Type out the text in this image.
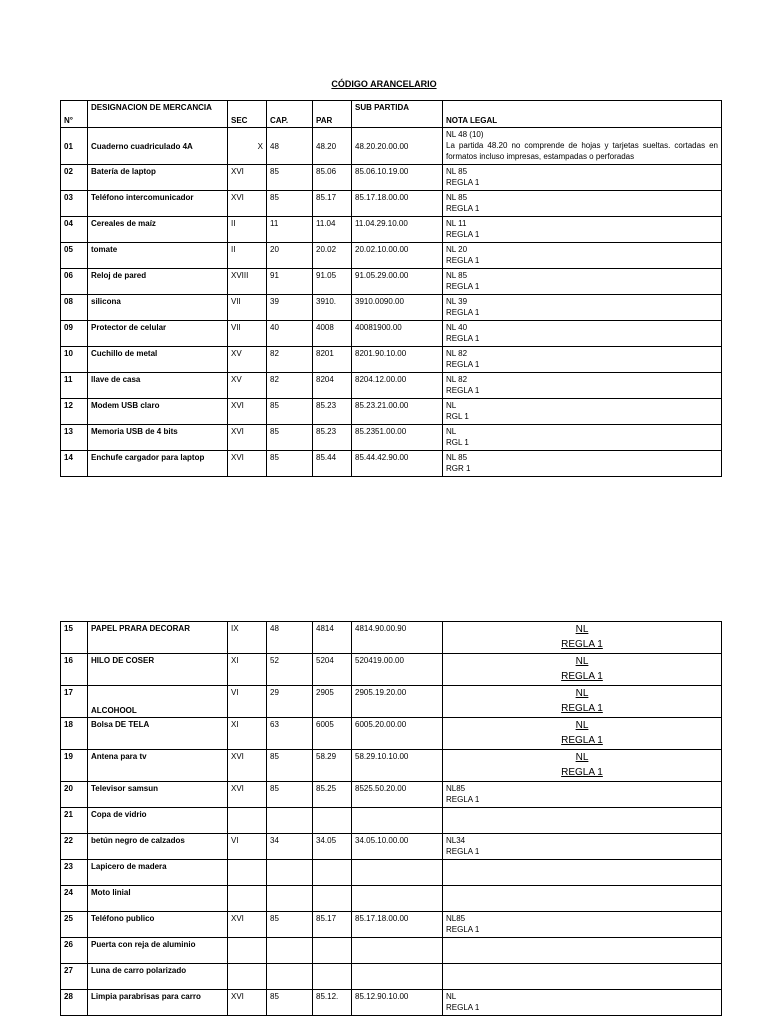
CÓDIGO ARANCELARIO
N°	DESIGNACION DE MERCANCIA	SEC	CAP.	PAR	SUB PARTIDA	NOTA LEGAL
01	Cuaderno cuadriculado 4A	X	48	48.20	48.20.20.00.00	NL 48 (10)
La partida 48.20 no comprende de hojas y tarjetas sueltas. cortadas en formatos incluso impresas, estampadas o perforadas

02	Batería de laptop	XVI	85	85.06	85.06.10.19.00	NL 85
REGLA 1

03	Teléfono intercomunicador	XVI	85	85.17	85.17.18.00.00	NL 85
REGLA 1

04	Cereales de maíz	II	11	11.04	11.04.29.10.00	NL 11
REGLA 1

05	tomate	II	20	20.02	20.02.10.00.00	NL 20
REGLA 1

06	Reloj de pared	XVIII	91	91.05	91.05.29.00.00	NL 85
REGLA 1

08	silicona	VII	39	3910.	3910.0090.00	NL 39
REGLA 1

09	Protector de celular	VII	40	4008	40081900.00	NL 40
REGLA 1

10	Cuchillo de metal	XV	82	8201	8201.90.10.00	NL 82
REGLA 1

11	llave de casa	XV	82	8204	8204.12.00.00	NL 82
REGLA 1

12	Modem USB claro	XVI	85	85.23	85.23.21.00.00	NL
RGL 1

13	Memoria USB de 4 bits	XVI	85	85.23	85.2351.00.00	NL
RGL 1

14	Enchufe cargador para laptop	XVI	85	85.44	85.44.42.90.00	NL 85
RGR 1
15	PAPEL PRARA DECORAR	IX	48	4814	4814.90.00.90	NL
REGLA 1

16	HILO DE COSER	XI	52	5204	520419.00.00	NL
REGLA 1

17	ALCOHOOL	VI	29	2905	2905.19.20.00	NL
REGLA 1

18	Bolsa DE TELA	XI	63	6005	6005.20.00.00	NL
REGLA 1

19	Antena para tv	XVI	85	58.29	58.29.10.10.00	NL
REGLA 1

20	Televisor samsun	XVI	85	85.25	8525.50.20.00	NL85
REGLA 1

21	Copa de vidrio					

22	betún negro de calzados	VI	34	34.05	34.05.10.00.00	NL34
REGLA 1

23	Lapicero de madera					

24	Moto linial					

25	Teléfono publico	XVI	85	85.17	85.17.18.00.00	NL85
REGLA 1

26	Puerta con reja de aluminio					

27	Luna de carro polarizado					

28	Limpia parabrisas para carro	XVI	85	85.12.	85.12.90.10.00	NL
REGLA 1
